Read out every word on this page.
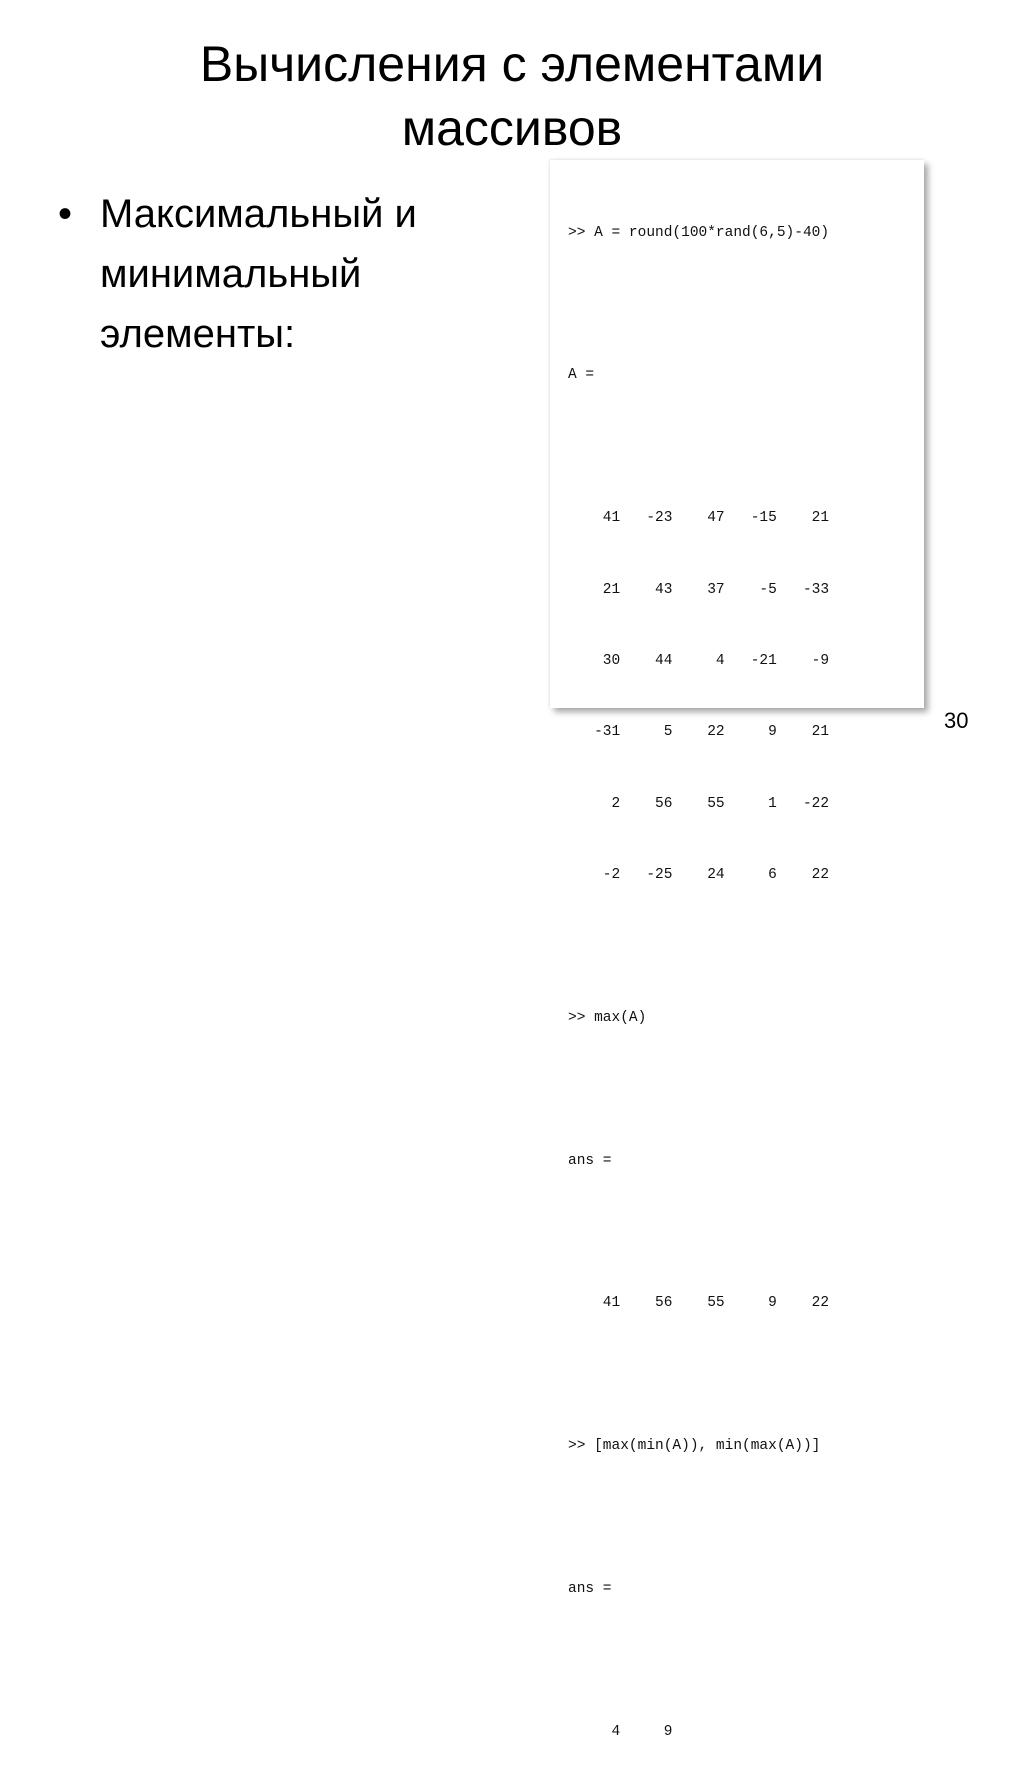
Вычисления с элементами
массивов
• Максимальный и
минимальный
элементы:

>> A = round(100*rand(6,5)-40)

A =

41   -23    47   -15    21

21    43    37    -5   -33

30    44     4   -21    -9

-31     5    22     9    21

2    56    55     1   -22

-2   -25    24     6    22

>> max(A)

ans =

41    56    55     9    22

>> [max(min(A)), min(max(A))]

ans =

4     9

30
